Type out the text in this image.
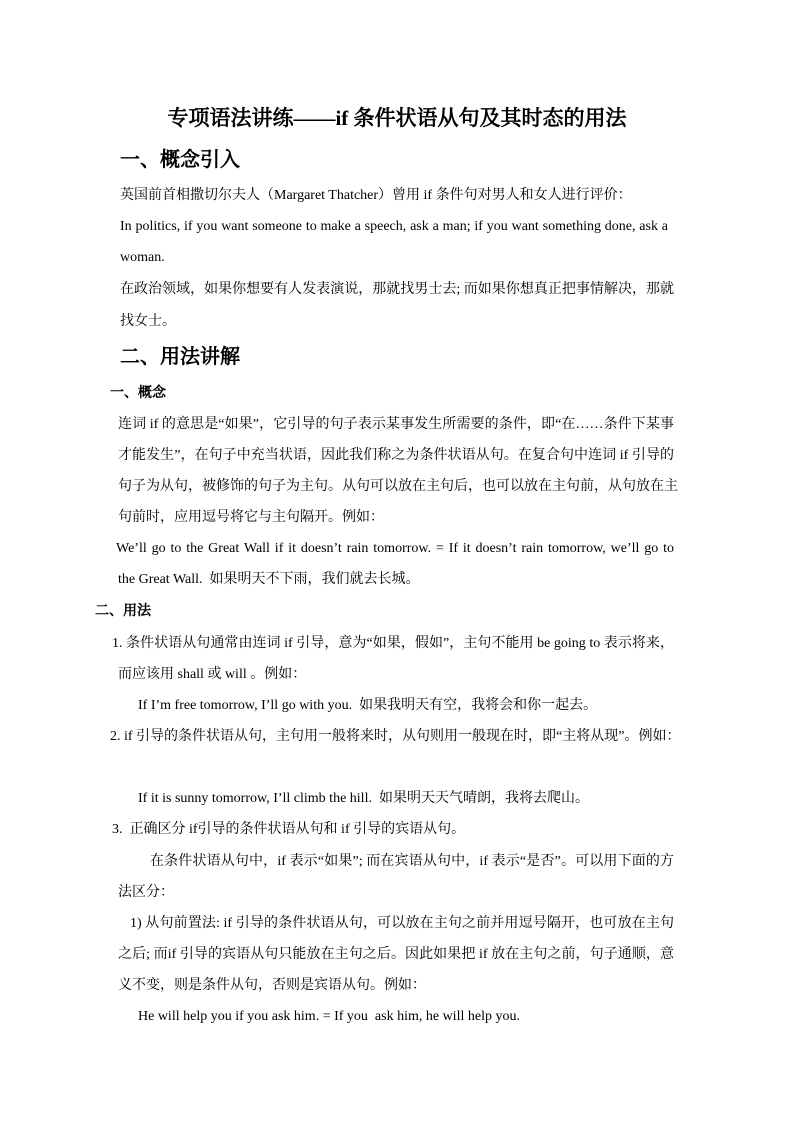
专项语法讲练——if 条件状语从句及其时态的用法
一、概念引入
英国前首相撒切尔夫人（Margaret Thatcher）曾用 if 条件句对男人和女人进行评价：
In politics, if you want someone to make a speech, ask a man; if you want something done, ask a
woman.
在政治领域，如果你想要有人发表演说，那就找男士去; 而如果你想真正把事情解决，那就
找女士。
二、用法讲解
一、概念
连词 if 的意思是“如果”，它引导的句子表示某事发生所需要的条件，即“在……条件下某事
才能发生”，在句子中充当状语，因此我们称之为条件状语从句。在复合句中连词 if 引导的
句子为从句，被修饰的句子为主句。从句可以放在主句后，也可以放在主句前，从句放在主
句前时，应用逗号将它与主句隔开。例如：
We’ll go to the Great Wall if it doesn’t rain tomorrow. = If it doesn’t rain tomorrow, we’ll go to
the Great Wall.  如果明天不下雨，我们就去长城。
二、用法
1. 条件状语从句通常由连词 if 引导，意为“如果，假如”，主句不能用 be going to 表示将来，
而应该用 shall 或 will 。例如：
If I’m free tomorrow, I’ll go with you.  如果我明天有空，我将会和你一起去。
2. if 引导的条件状语从句，主句用一般将来时，从句则用一般现在时，即“主将从现”。例如：
If it is sunny tomorrow, I’ll climb the hill.  如果明天天气晴朗，我将去爬山。
3.  正确区分 if引导的条件状语从句和 if 引导的宾语从句。
在条件状语从句中，if 表示“如果”; 而在宾语从句中，if 表示“是否”。可以用下面的方
法区分：
1) 从句前置法: if 引导的条件状语从句，可以放在主句之前并用逗号隔开，也可放在主句
之后; 而if 引导的宾语从句只能放在主句之后。因此如果把 if 放在主句之前，句子通顺，意
义不变，则是条件从句，否则是宾语从句。例如：
He will help you if you ask him. = If you  ask him, he will help you.
